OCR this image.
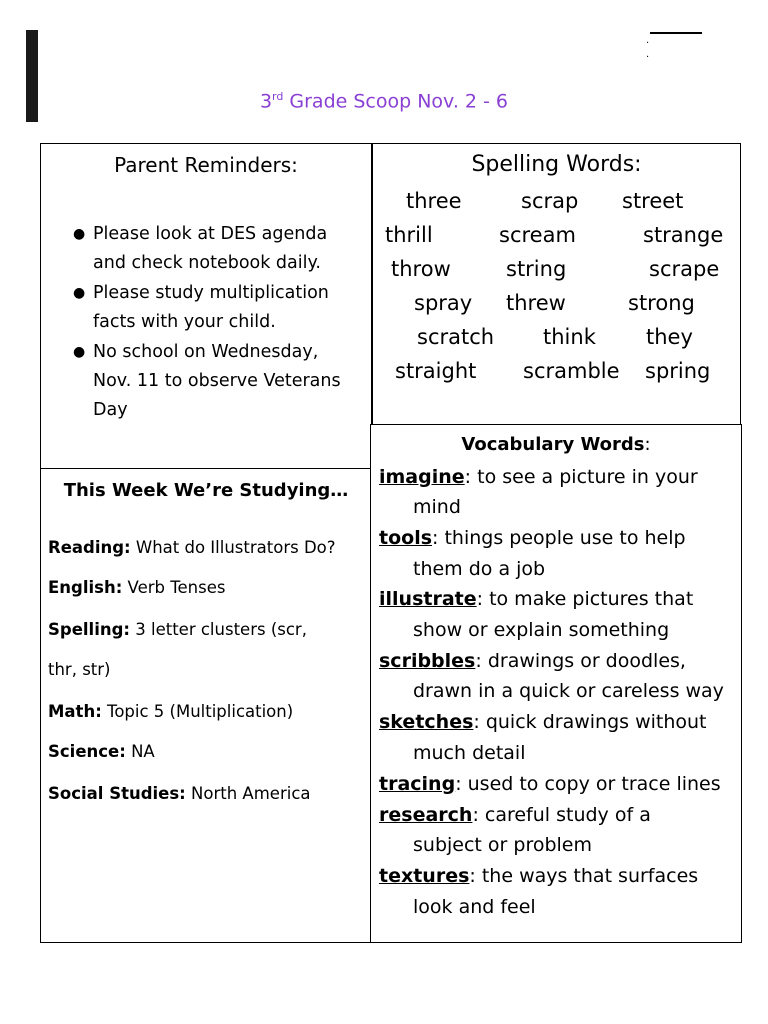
. .
3rd Grade Scoop Nov. 2 - 6
Parent Reminders:
● Please look at DES agenda
and check notebook daily.
● Please study multiplication
facts with your child.
● No school on Wednesday,
Nov. 11 to observe Veterans
Day
Spelling Words:
three	scrap street
thrill	scream	strange
throw	string	scrape
spray threw	strong
scratch think they
straight scramble spring
This Week We’re Studying…
Reading: What do Illustrators Do?
English: Verb Tenses
Spelling: 3 letter clusters (scr,
thr, str)
Math: Topic 5 (Multiplication)
Science: NA
Social Studies: North America
Vocabulary Words:
imagine: to see a picture in your
mind
tools: things people use to help
them do a job
illustrate: to make pictures that
show or explain something
scribbles: drawings or doodles,
drawn in a quick or careless way
sketches: quick drawings without
much detail
tracing: used to copy or trace lines
research: careful study of a
subject or problem
textures: the ways that surfaces
look and feel
